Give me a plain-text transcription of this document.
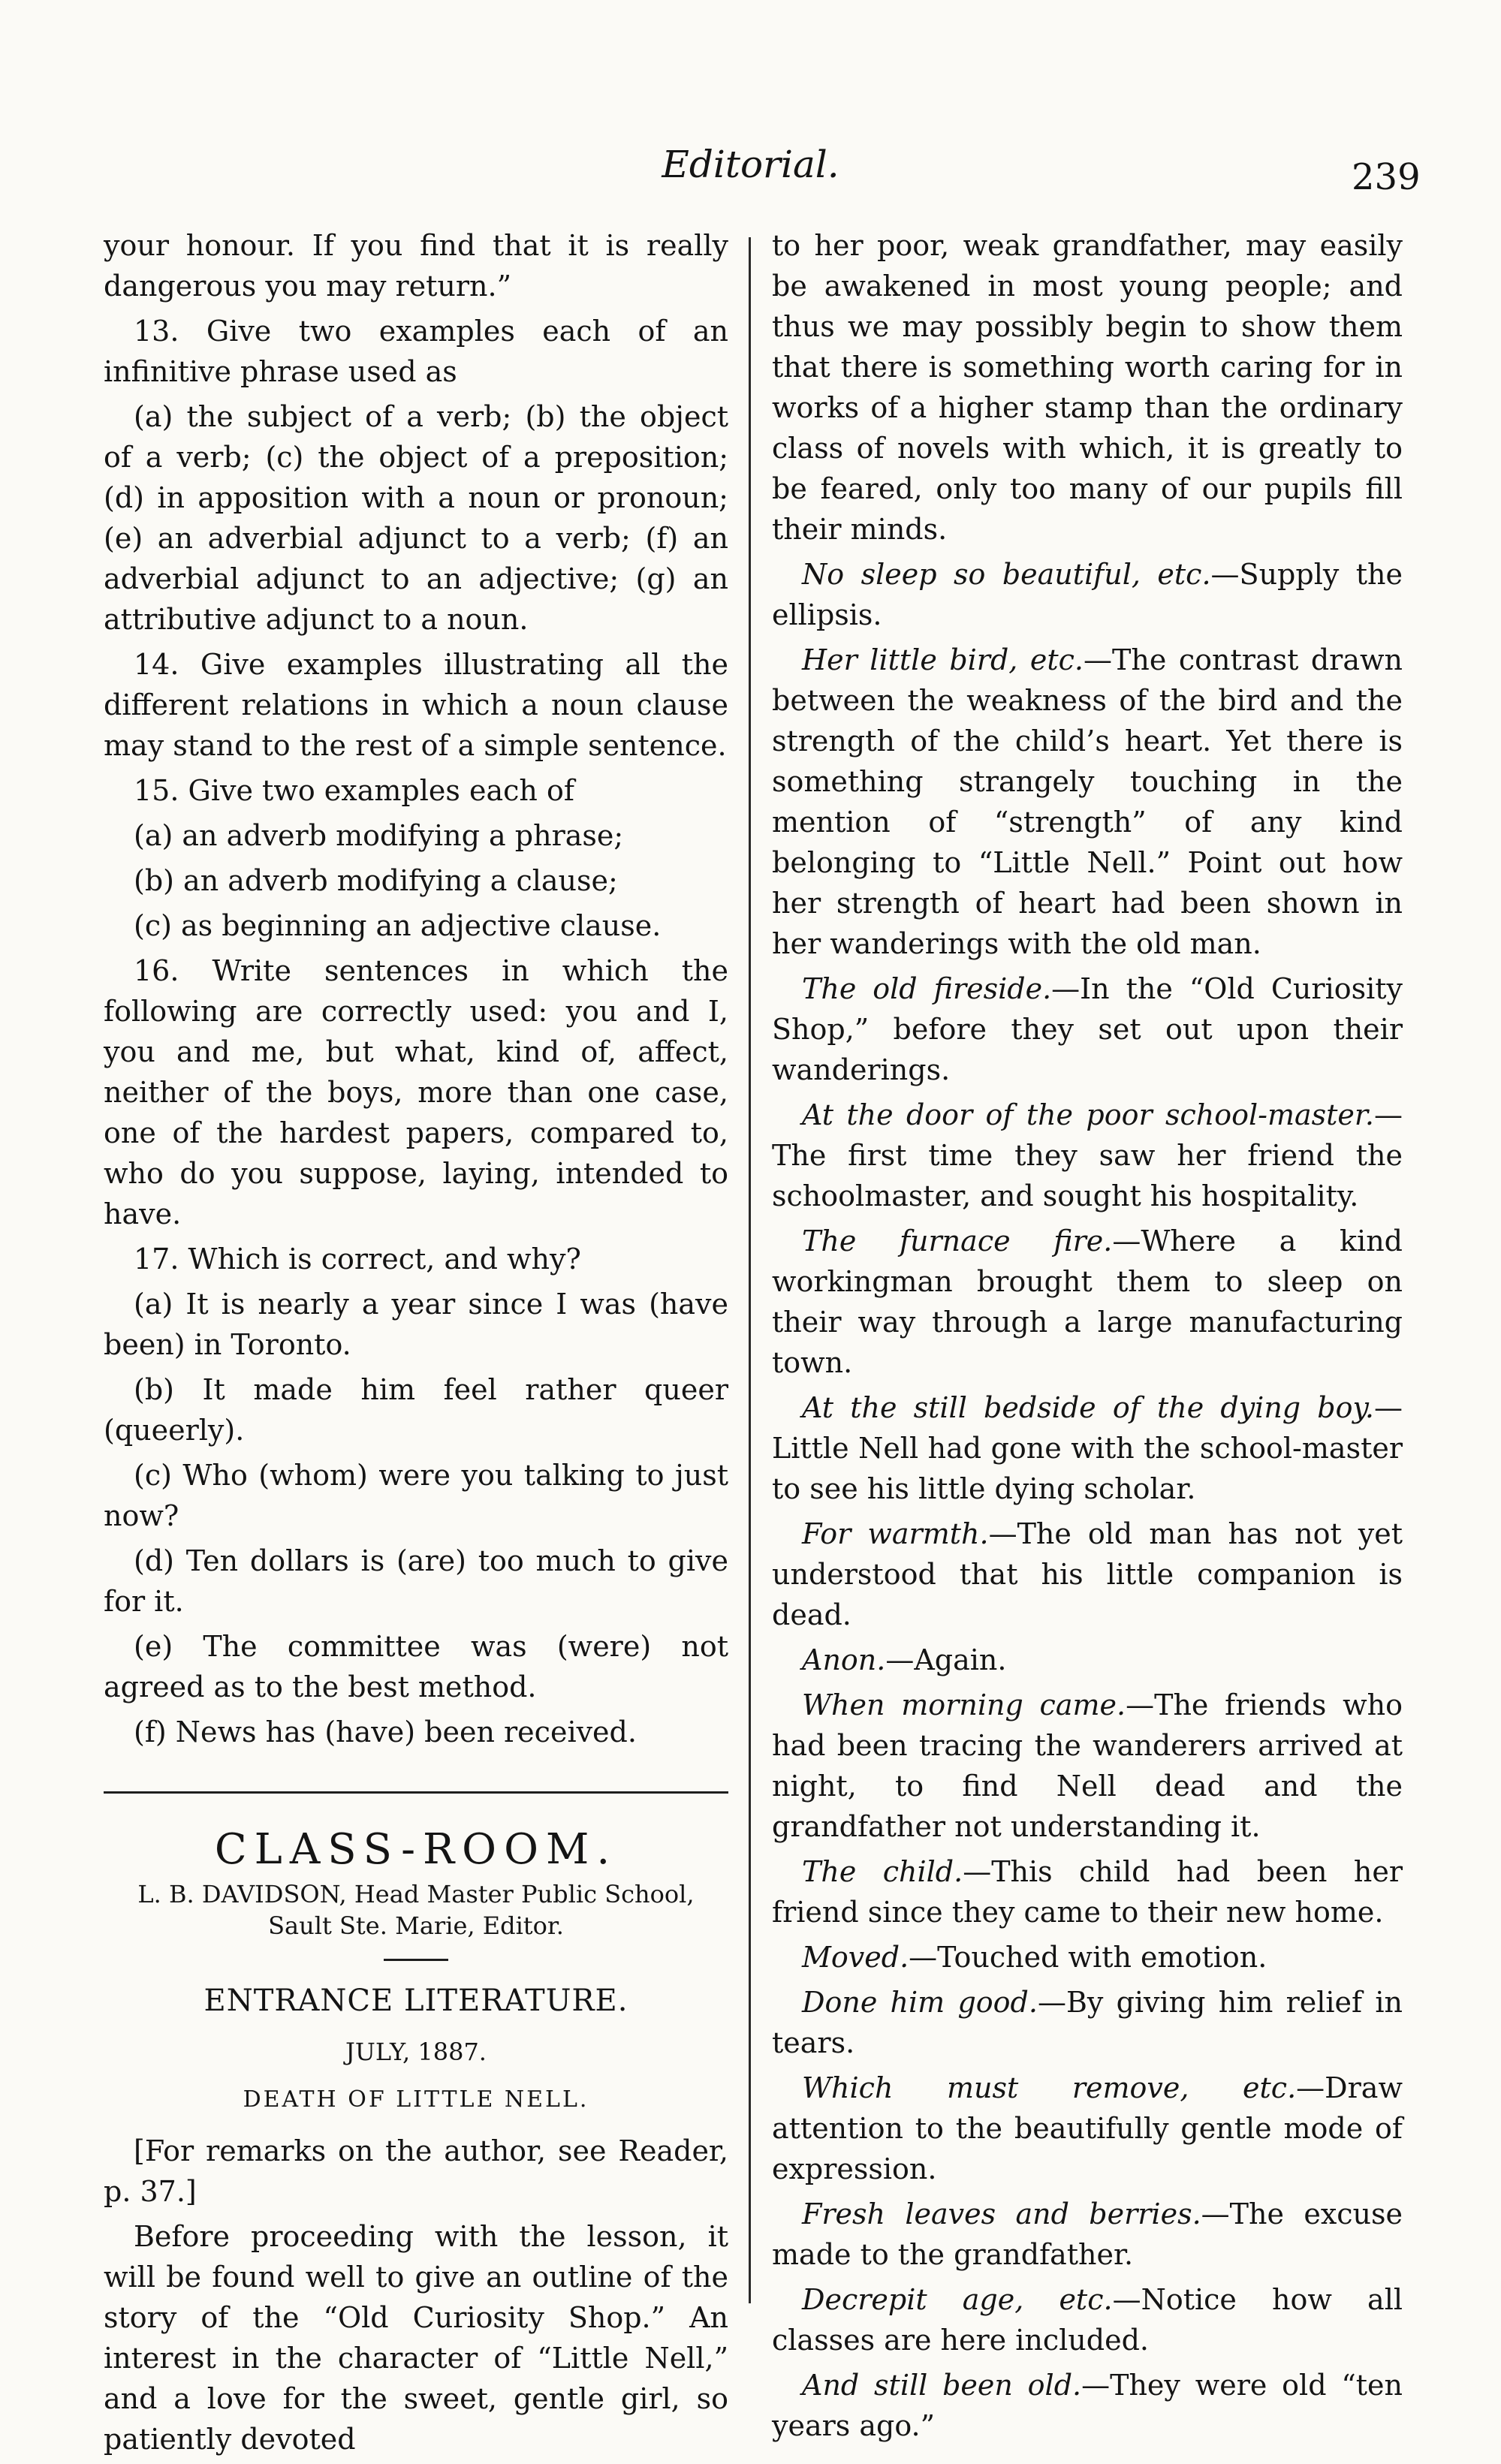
Editorial.	239

your honour. If you find that it is really dangerous you may return.”

13. Give two examples each of an infinitive phrase used as

(a) the subject of a verb; (b) the object of a verb; (c) the object of a preposition; (d) in apposition with a noun or pronoun; (e) an adverbial adjunct to a verb; (f) an adverbial adjunct to an adjective; (g) an attributive adjunct to a noun.

14. Give examples illustrating all the different relations in which a noun clause may stand to the rest of a simple sentence.

15. Give two examples each of

(a) an adverb modifying a phrase;

(b) an adverb modifying a clause;

(c) as beginning an adjective clause.

16. Write sentences in which the following are correctly used: you and I, you and me, but what, kind of, affect, neither of the boys, more than one case, one of the hardest papers, compared to, who do you suppose, laying, intended to have.

17. Which is correct, and why?

(a) It is nearly a year since I was (have been) in Toronto.

(b) It made him feel rather queer (queerly).

(c) Who (whom) were you talking to just now?

(d) Ten dollars is (are) too much to give for it.

(e) The committee was (were) not agreed as to the best method.

(f) News has (have) been received.

CLASS-ROOM.

L. B. DAVIDSON, Head Master Public School,

Sault Ste. Marie, Editor.

ENTRANCE LITERATURE.
JULY, 1887.
DEATH OF LITTLE NELL.

[For remarks on the author, see Reader, p. 37.]

Before proceeding with the lesson, it will be found well to give an outline of the story of the “Old Curiosity Shop.” An interest in the character of “Little Nell,” and a love for the sweet, gentle girl, so patiently devoted

to her poor, weak grandfather, may easily be awakened in most young people; and thus we may possibly begin to show them that there is something worth caring for in works of a higher stamp than the ordinary class of novels with which, it is greatly to be feared, only too many of our pupils fill their minds.

No sleep so beautiful, etc.—Supply the ellipsis.

Her little bird, etc.—The contrast drawn between the weakness of the bird and the strength of the child’s heart. Yet there is something strangely touching in the mention of “strength” of any kind belonging to “Little Nell.” Point out how her strength of heart had been shown in her wanderings with the old man.

The old fireside.—In the “Old Curiosity Shop,” before they set out upon their wanderings.

At the door of the poor school-master.—The first time they saw her friend the schoolmaster, and sought his hospitality.

The furnace fire.—Where a kind workingman brought them to sleep on their way through a large manufacturing town.

At the still bedside of the dying boy.—Little Nell had gone with the school-master to see his little dying scholar.

For warmth.—The old man has not yet understood that his little companion is dead.

Anon.—Again.

When morning came.—The friends who had been tracing the wanderers arrived at night, to find Nell dead and the grandfather not understanding it.

The child.—This child had been her friend since they came to their new home.

Moved.—Touched with emotion.

Done him good.—By giving him relief in tears.

Which must remove, etc.—Draw attention to the beautifully gentle mode of expression.

Fresh leaves and berries.—The excuse made to the grandfather.

Decrepit age, etc.—Notice how all classes are here included.

And still been old.—They were old “ten years ago.”
